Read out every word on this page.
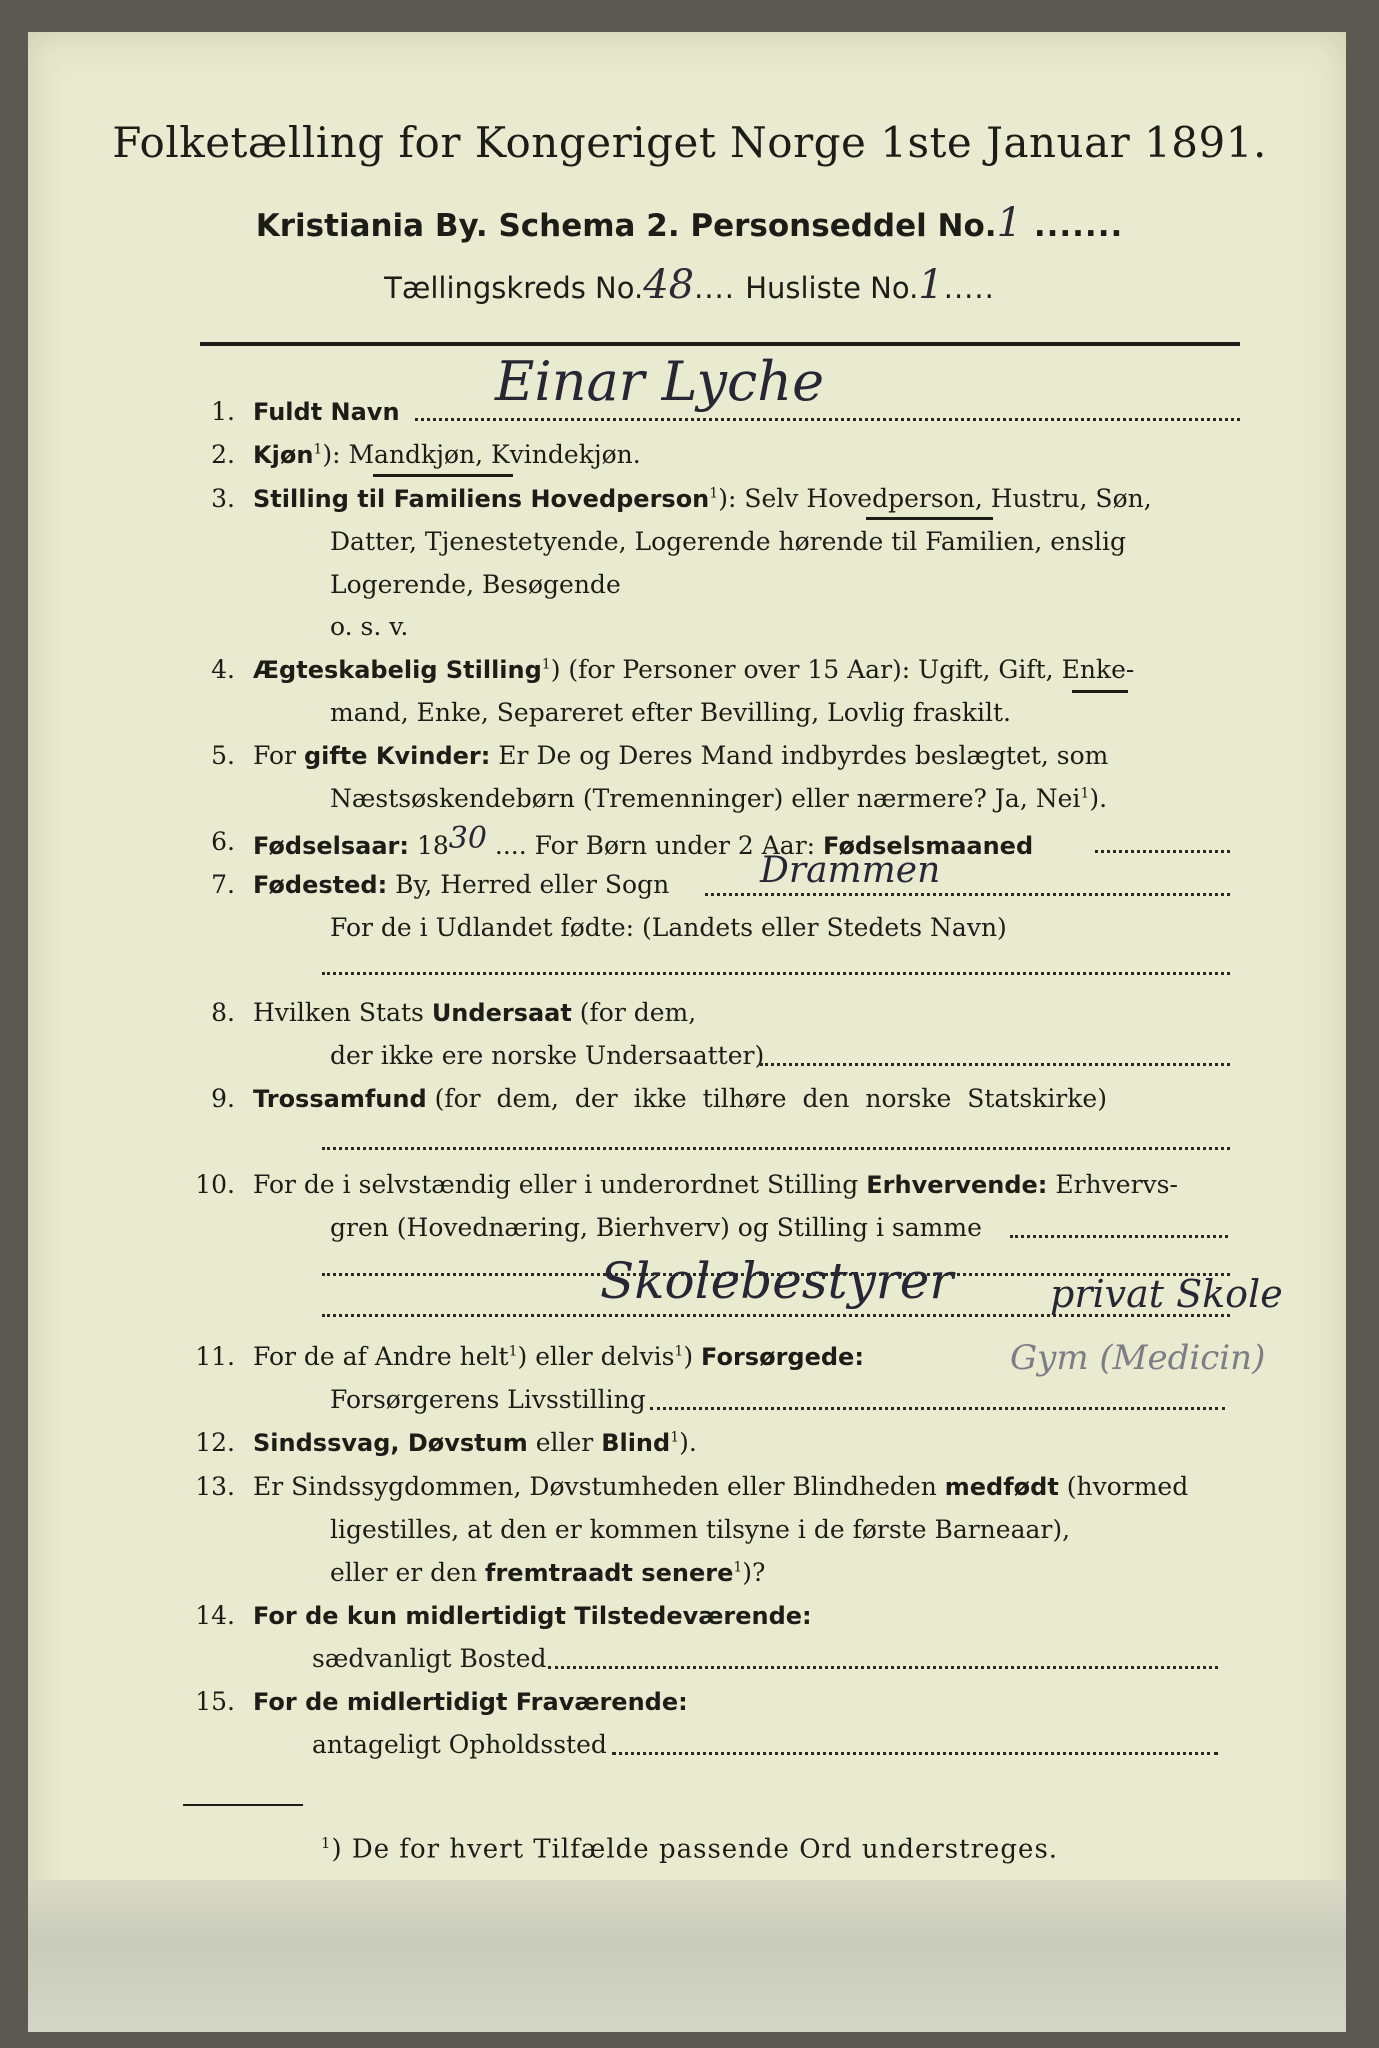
Folketælling for Kongeriget Norge 1ste Januar 1891.
Kristiania By. Schema 2. Personseddel No.1 .......
Tællingskreds No.48.... Husliste No.1.....
1. Fuldt Navn Einar Lyche
2. Kjøn$^1$): Mandkjøn, Kvindekjøn.
3. Stilling til Familiens Hovedperson$^1$): Selv Hovedperson, Hustru, Søn,
Datter, Tjenestetyende, Logerende hørende til Familien, enslig
Logerende, Besøgende
o. s. v.
4. Ægteskabelig Stilling$^1$) (for Personer over 15 Aar): Ugift, Gift, Enke-
mand, Enke, Separeret efter Bevilling, Lovlig fraskilt.
5. For gifte Kvinder: Er De og Deres Mand indbyrdes beslægtet, som
Næstsøskendebørn (Tremenninger) eller nærmere? Ja, Nei$^1$).
6. Fødselsaar: 1830 .... For Børn under 2 Aar: Fødselsmaaned
7. Fødested: By, Herred eller Sogn	Drammen
For de i Udlandet fødte: (Landets eller Stedets Navn)
8. Hvilken Stats Undersaat (for dem,
der ikke ere norske Undersaatter)
9. Trossamfund (for dem, der ikke tilhøre den norske Statskirke)
10. For de i selvstændig eller i underordnet Stilling Erhvervende: Erhvervs-
gren (Hovednæring, Bierhverv) og Stilling i samme
Skolebestyrer	privat Skole
11. For de af Andre helt$^1$) eller delvis$^1$) Forsørgede:
Forsørgerens Livsstilling
Gym (Medicin)
12. Sindssvag, Døvstum eller Blind$^1$).
13. Er Sindssygdommen, Døvstumheden eller Blindheden medfødt (hvormed
ligestilles, at den er kommen tilsyne i de første Barneaar),
eller er den fremtraadt senere$^1$)?
14. For de kun midlertidigt Tilstedeværende:
sædvanligt Bosted
15. For de midlertidigt Fraværende:
antageligt Opholdssted
$^1$) De for hvert Tilfælde passende Ord understreges.
